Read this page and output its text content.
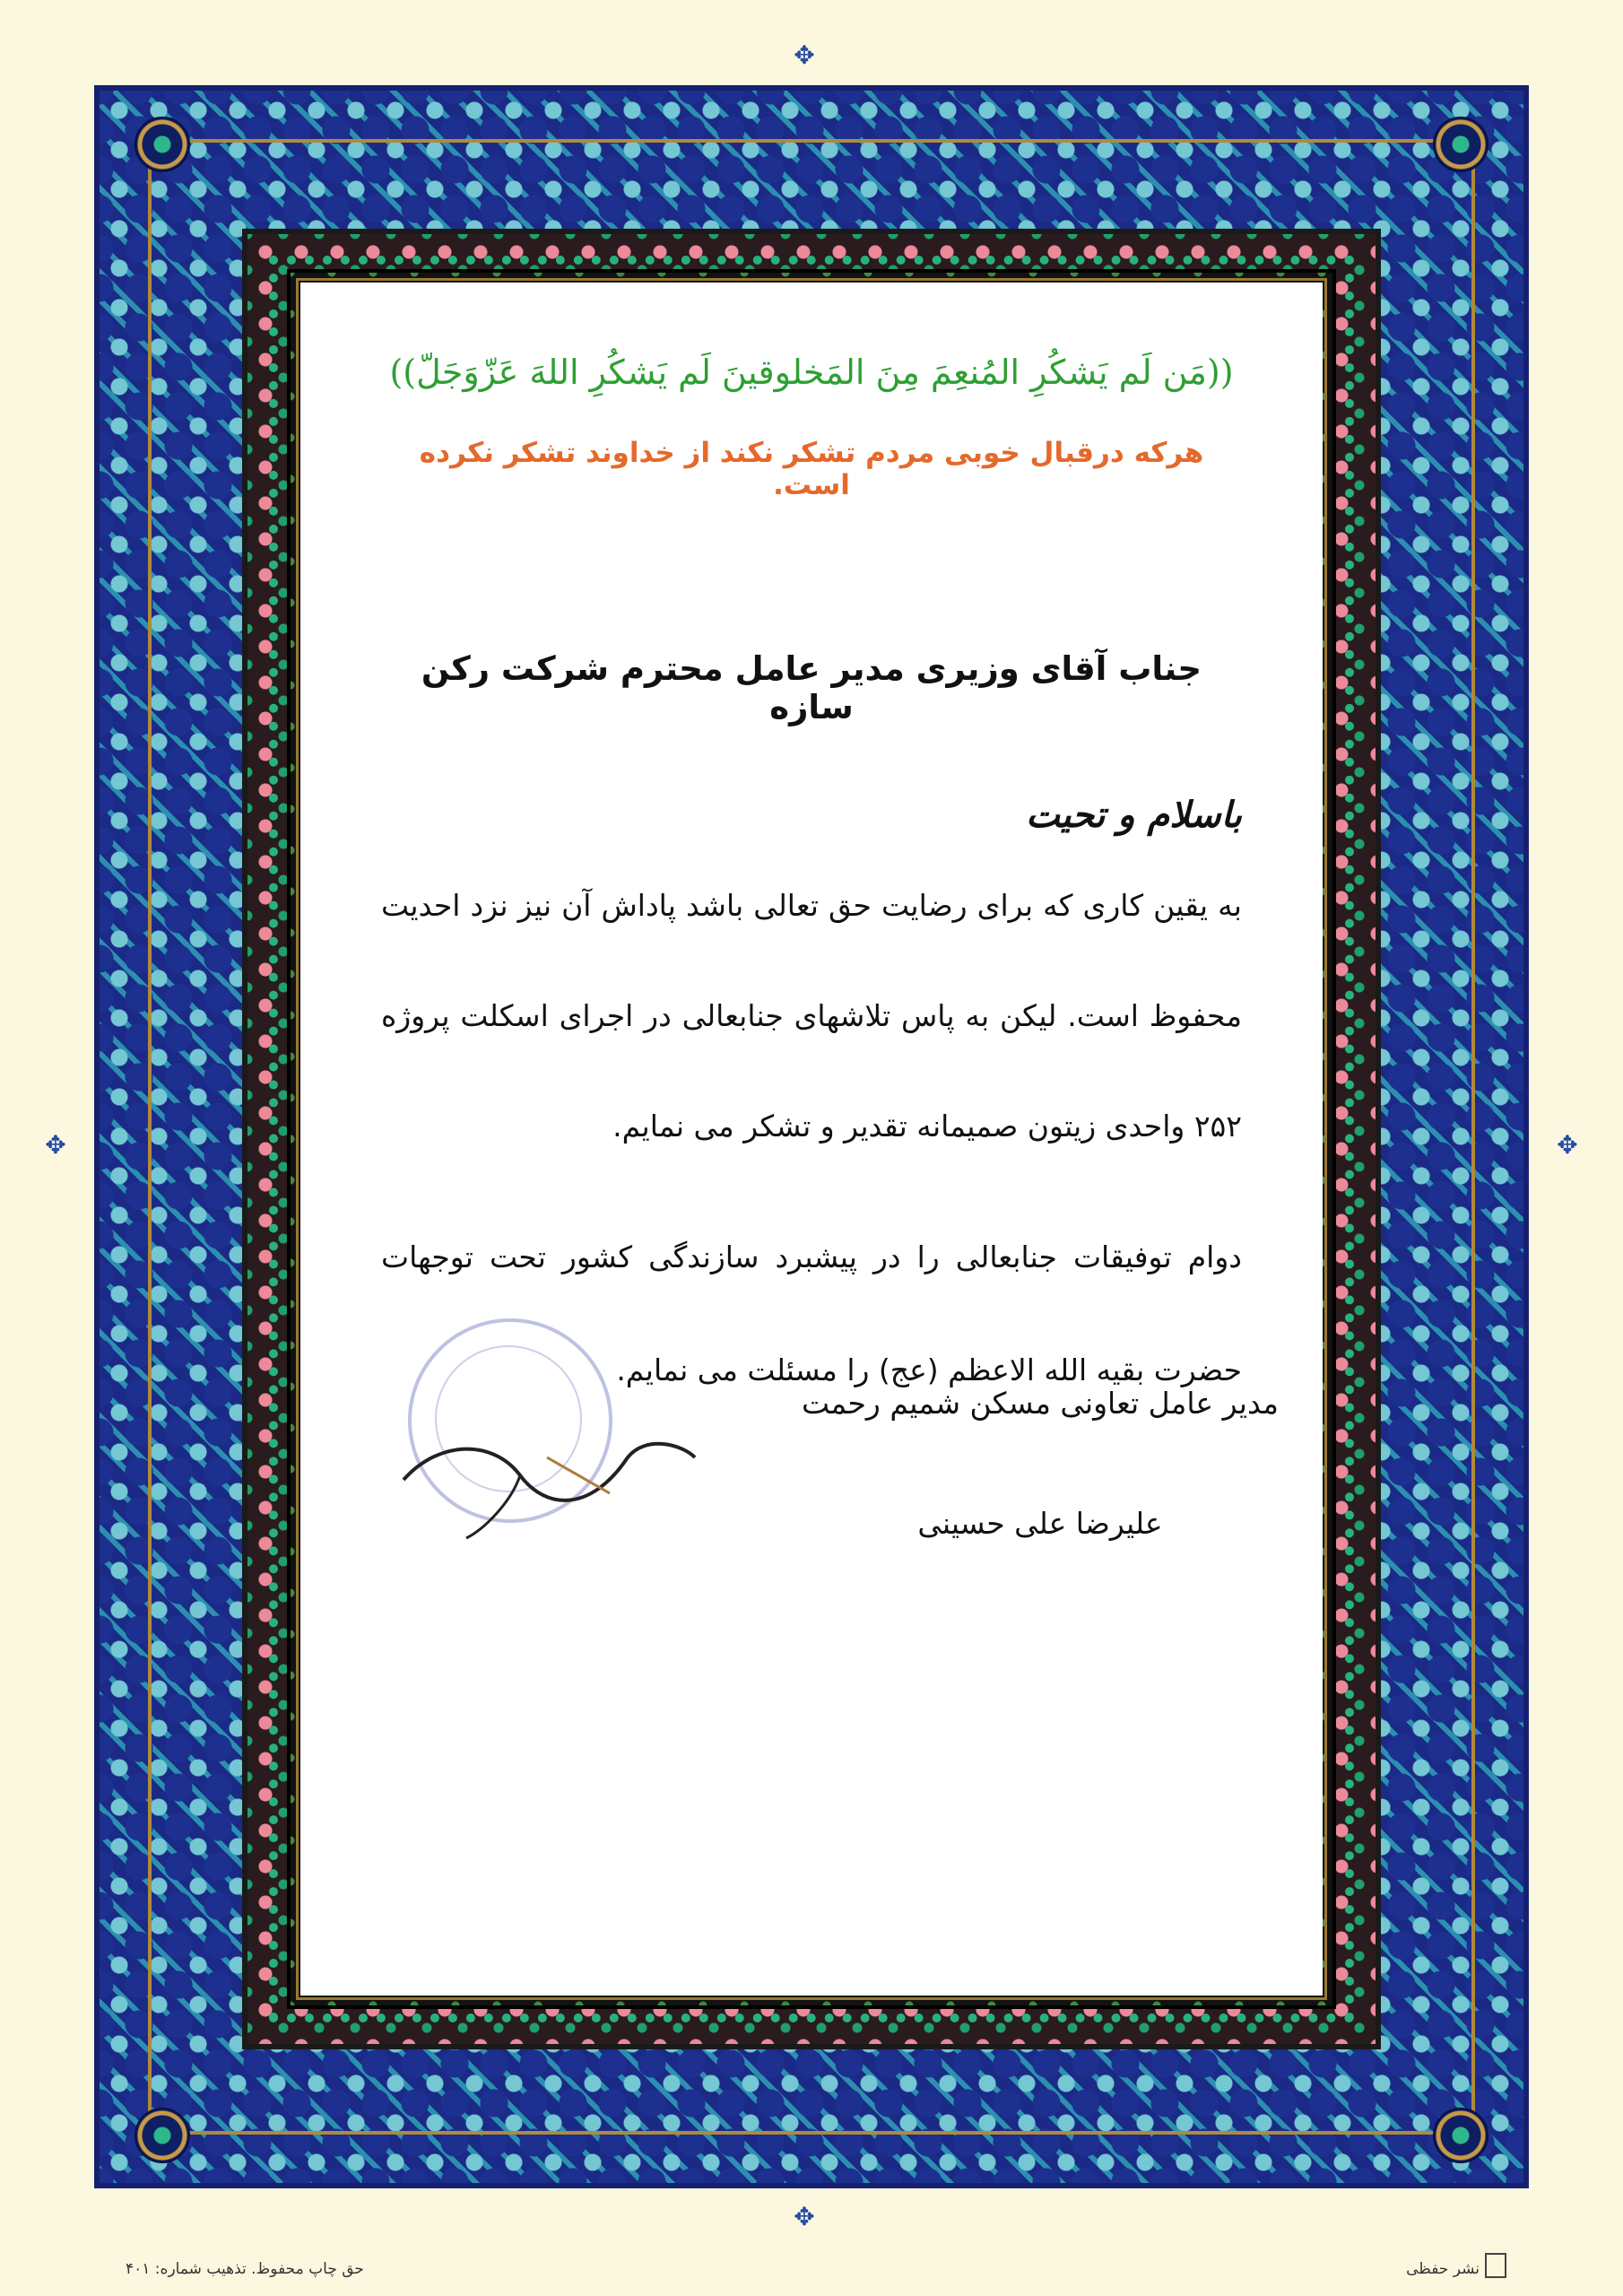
✥
✥
✥	✥
((مَن لَم يَشكُرِ المُنعِمَ مِنَ المَخلوقينَ لَم يَشكُرِ اللهَ عَزّوَجَلّ))
هرکه درقبال خوبی مردم تشکر نکند از خداوند تشکر نکرده است.
جناب آقای وزیری مدیر عامل محترم شرکت رکن سازه
باسلام و تحیت
به یقین کاری که برای رضایت حق تعالی باشد پاداش آن نیز نزد احدیت محفوظ است. لیکن به پاس تلاشهای جنابعالی در اجرای اسکلت پروژه ۲۵۲ واحدی زیتون صمیمانه تقدیر و تشکر می نمایم.
دوام توفیقات جنابعالی را در پیشبرد سازندگی کشور تحت توجهات حضرت بقیه الله الاعظم (عج) را مسئلت می نمایم.
مدیر عامل تعاونی مسکن شمیم رحمت
علیرضا علی حسینی
حق چاپ محفوظ. تذهیب شماره: ۴۰۱	نشر حفظی
